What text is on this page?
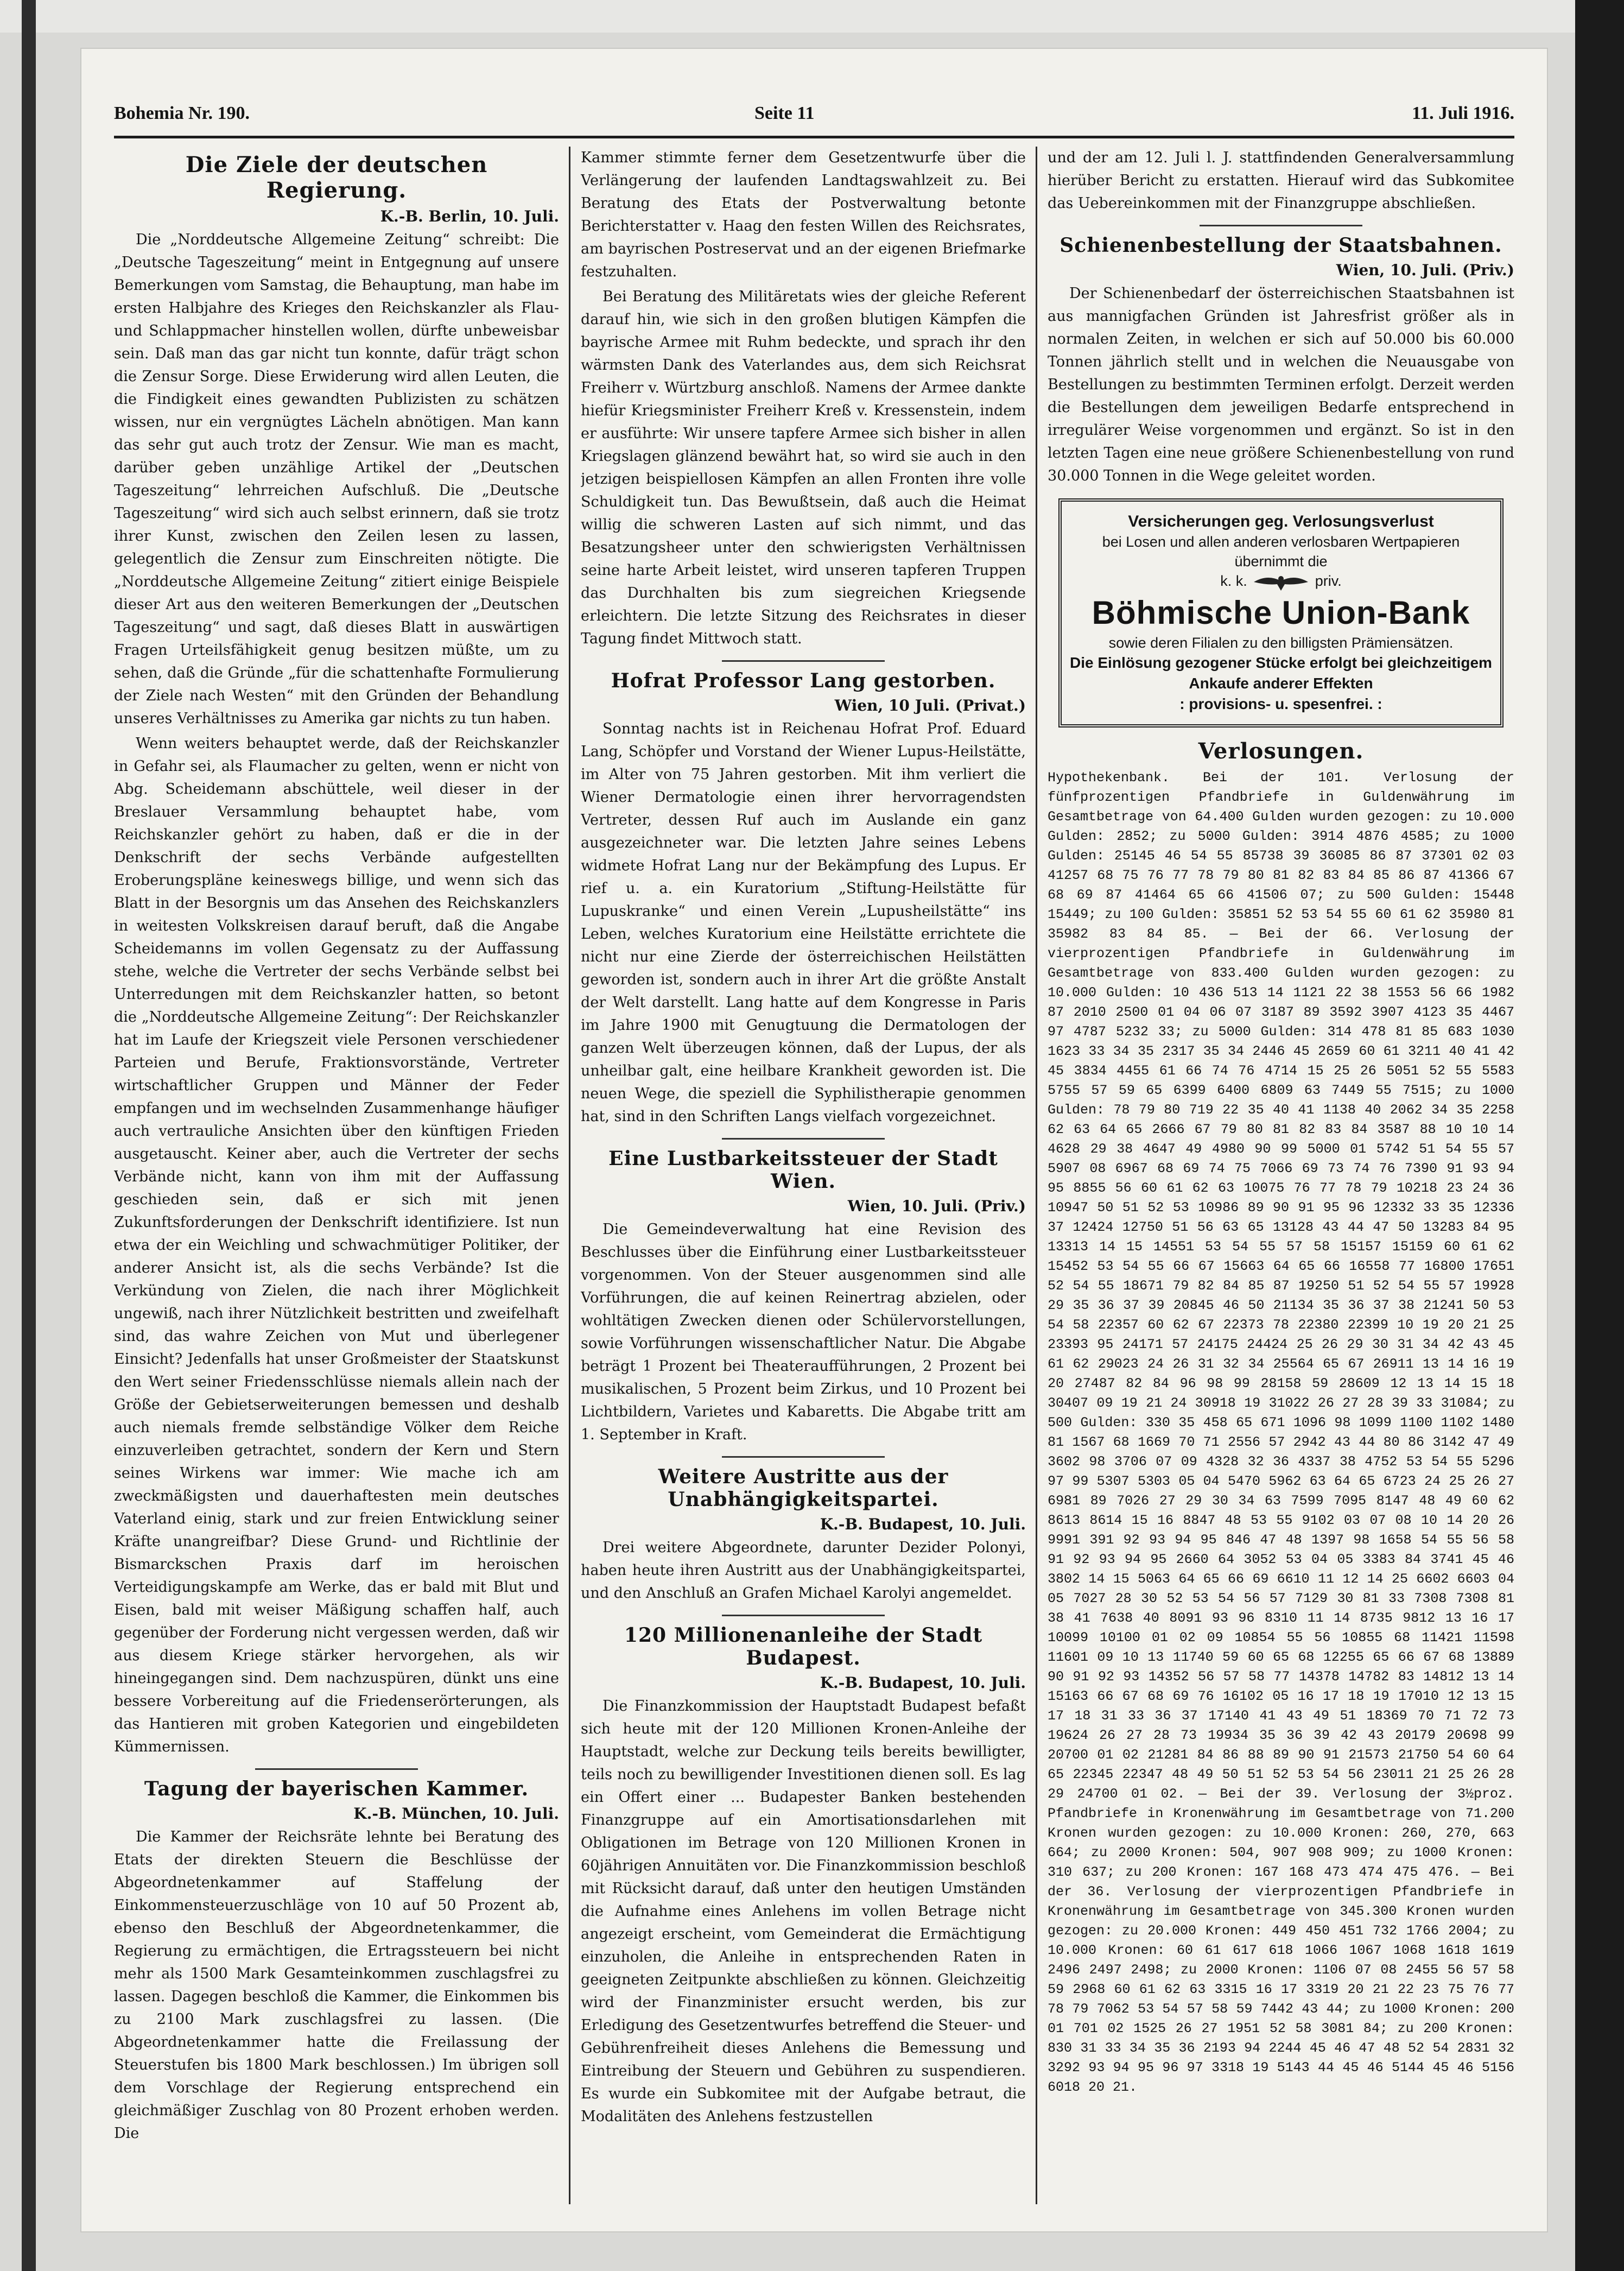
Bohemia Nr. 190.	Seite 11	11. Juli 1916.
Die Ziele der deutschen Regierung.
K.-B. Berlin, 10. Juli.

Die „Norddeutsche Allgemeine Zeitung“ schreibt: Die „Deutsche Tageszeitung“ meint in Entgegnung auf unsere Bemerkungen vom Samstag, die Behauptung, man habe im ersten Halbjahre des Krieges den Reichskanzler als Flau- und Schlappmacher hinstellen wollen, dürfte unbeweisbar sein. Daß man das gar nicht tun konnte, dafür trägt schon die Zensur Sorge. Diese Erwiderung wird allen Leuten, die die Findigkeit eines gewandten Publizisten zu schätzen wissen, nur ein vergnügtes Lächeln abnötigen. Man kann das sehr gut auch trotz der Zensur. Wie man es macht, darüber geben unzählige Artikel der „Deutschen Tageszeitung“ lehrreichen Aufschluß. Die „Deutsche Tageszeitung“ wird sich auch selbst erinnern, daß sie trotz ihrer Kunst, zwischen den Zeilen lesen zu lassen, gelegentlich die Zensur zum Einschreiten nötigte. Die „Norddeutsche Allgemeine Zeitung“ zitiert einige Beispiele dieser Art aus den weiteren Bemerkungen der „Deutschen Tageszeitung“ und sagt, daß dieses Blatt in auswärtigen Fragen Urteilsfähigkeit genug besitzen müßte, um zu sehen, daß die Gründe „für die schattenhafte Formulierung der Ziele nach Westen“ mit den Gründen der Behandlung unseres Verhältnisses zu Amerika gar nichts zu tun haben.

Wenn weiters behauptet werde, daß der Reichskanzler in Gefahr sei, als Flaumacher zu gelten, wenn er nicht von Abg. Scheidemann abschüttele, weil dieser in der Breslauer Versammlung behauptet habe, vom Reichskanzler gehört zu haben, daß er die in der Denkschrift der sechs Verbände aufgestellten Eroberungspläne keineswegs billige, und wenn sich das Blatt in der Besorgnis um das Ansehen des Reichskanzlers in weitesten Volkskreisen darauf beruft, daß die Angabe Scheidemanns im vollen Gegensatz zu der Auffassung stehe, welche die Vertreter der sechs Verbände selbst bei Unterredungen mit dem Reichskanzler hatten, so betont die „Norddeutsche Allgemeine Zeitung“: Der Reichskanzler hat im Laufe der Kriegszeit viele Personen verschiedener Parteien und Berufe, Fraktionsvorstände, Vertreter wirtschaftlicher Gruppen und Männer der Feder empfangen und im wechselnden Zusammenhange häufiger auch vertrauliche Ansichten über den künftigen Frieden ausgetauscht. Keiner aber, auch die Vertreter der sechs Verbände nicht, kann von ihm mit der Auffassung geschieden sein, daß er sich mit jenen Zukunftsforderungen der Denkschrift identifiziere. Ist nun etwa der ein Weichling und schwachmütiger Politiker, der anderer Ansicht ist, als die sechs Verbände? Ist die Verkündung von Zielen, die nach ihrer Möglichkeit ungewiß, nach ihrer Nützlichkeit bestritten und zweifelhaft sind, das wahre Zeichen von Mut und überlegener Einsicht? Jedenfalls hat unser Großmeister der Staatskunst den Wert seiner Friedensschlüsse niemals allein nach der Größe der Gebietserweiterungen bemessen und deshalb auch niemals fremde selbständige Völker dem Reiche einzuverleiben getrachtet, sondern der Kern und Stern seines Wirkens war immer: Wie mache ich am zweckmäßigsten und dauerhaftesten mein deutsches Vaterland einig, stark und zur freien Entwicklung seiner Kräfte unangreifbar? Diese Grund- und Richtlinie der Bismarckschen Praxis darf im heroischen Verteidigungskampfe am Werke, das er bald mit Blut und Eisen, bald mit weiser Mäßigung schaffen half, auch gegenüber der Forderung nicht vergessen werden, daß wir aus diesem Kriege stärker hervorgehen, als wir hineingegangen sind. Dem nachzuspüren, dünkt uns eine bessere Vorbereitung auf die Friedenserörterungen, als das Hantieren mit groben Kategorien und eingebildeten Kümmernissen.

Tagung der bayerischen Kammer.
K.-B. München, 10. Juli.

Die Kammer der Reichsräte lehnte bei Beratung des Etats der direkten Steuern die Beschlüsse der Abgeordnetenkammer auf Staffelung der Einkommensteuerzuschläge von 10 auf 50 Prozent ab, ebenso den Beschluß der Abgeordnetenkammer, die Regierung zu ermächtigen, die Ertragssteuern bei nicht mehr als 1500 Mark Gesamteinkommen zuschlagsfrei zu lassen. Dagegen beschloß die Kammer, die Einkommen bis zu 2100 Mark zuschlagsfrei zu lassen. (Die Abgeordnetenkammer hatte die Freilassung der Steuerstufen bis 1800 Mark beschlossen.) Im übrigen soll dem Vorschlage der Regierung entsprechend ein gleichmäßiger Zuschlag von 80 Prozent erhoben werden. Die

Kammer stimmte ferner dem Gesetzentwurfe über die Verlängerung der laufenden Landtagswahlzeit zu. Bei Beratung des Etats der Postverwaltung betonte Berichterstatter v. Haag den festen Willen des Reichsrates, am bayrischen Postreservat und an der eigenen Briefmarke festzuhalten.

Bei Beratung des Militäretats wies der gleiche Referent darauf hin, wie sich in den großen blutigen Kämpfen die bayrische Armee mit Ruhm bedeckte, und sprach ihr den wärmsten Dank des Vaterlandes aus, dem sich Reichsrat Freiherr v. Würtzburg anschloß. Namens der Armee dankte hiefür Kriegsminister Freiherr Kreß v. Kressenstein, indem er ausführte: Wir unsere tapfere Armee sich bisher in allen Kriegslagen glänzend bewährt hat, so wird sie auch in den jetzigen beispiellosen Kämpfen an allen Fronten ihre volle Schuldigkeit tun. Das Bewußtsein, daß auch die Heimat willig die schweren Lasten auf sich nimmt, und das Besatzungsheer unter den schwierigsten Verhältnissen seine harte Arbeit leistet, wird unseren tapferen Truppen das Durchhalten bis zum siegreichen Kriegsende erleichtern. Die letzte Sitzung des Reichsrates in dieser Tagung findet Mittwoch statt.

Hofrat Professor Lang gestorben.
Wien, 10 Juli. (Privat.)

Sonntag nachts ist in Reichenau Hofrat Prof. Eduard Lang, Schöpfer und Vorstand der Wiener Lupus-Heilstätte, im Alter von 75 Jahren gestorben. Mit ihm verliert die Wiener Dermatologie einen ihrer hervorragendsten Vertreter, dessen Ruf auch im Auslande ein ganz ausgezeichneter war. Die letzten Jahre seines Lebens widmete Hofrat Lang nur der Bekämpfung des Lupus. Er rief u. a. ein Kuratorium „Stiftung-Heilstätte für Lupuskranke“ und einen Verein „Lupusheilstätte“ ins Leben, welches Kuratorium eine Heilstätte errichtete die nicht nur eine Zierde der österreichischen Heilstätten geworden ist, sondern auch in ihrer Art die größte Anstalt der Welt darstellt. Lang hatte auf dem Kongresse in Paris im Jahre 1900 mit Genugtuung die Dermatologen der ganzen Welt überzeugen können, daß der Lupus, der als unheilbar galt, eine heilbare Krankheit geworden ist. Die neuen Wege, die speziell die Syphilistherapie genommen hat, sind in den Schriften Langs vielfach vorgezeichnet.

Eine Lustbarkeitssteuer der Stadt Wien.
Wien, 10. Juli. (Priv.)

Die Gemeindeverwaltung hat eine Revision des Beschlusses über die Einführung einer Lustbarkeitssteuer vorgenommen. Von der Steuer ausgenommen sind alle Vorführungen, die auf keinen Reinertrag abzielen, oder wohltätigen Zwecken dienen oder Schülervorstellungen, sowie Vorführungen wissenschaftlicher Natur. Die Abgabe beträgt 1 Prozent bei Theateraufführungen, 2 Prozent bei musikalischen, 5 Prozent beim Zirkus, und 10 Prozent bei Lichtbildern, Varietes und Kabaretts. Die Abgabe tritt am 1. September in Kraft.

Weitere Austritte aus der Unabhängigkeitspartei.
K.-B. Budapest, 10. Juli.

Drei weitere Abgeordnete, darunter Dezider Polonyi, haben heute ihren Austritt aus der Unabhängigkeitspartei, und den Anschluß an Grafen Michael Karolyi angemeldet.

120 Millionenanleihe der Stadt Budapest.
K.-B. Budapest, 10. Juli.

Die Finanzkommission der Hauptstadt Budapest befaßt sich heute mit der 120 Millionen Kronen-Anleihe der Hauptstadt, welche zur Deckung teils bereits bewilligter, teils noch zu bewilligender Investitionen dienen soll. Es lag ein Offert einer ... Budapester Banken bestehenden Finanzgruppe auf ein Amortisationsdarlehen mit Obligationen im Betrage von 120 Millionen Kronen in 60jährigen Annuitäten vor. Die Finanzkommission beschloß mit Rücksicht darauf, daß unter den heutigen Umständen die Aufnahme eines Anlehens im vollen Betrage nicht angezeigt erscheint, vom Gemeinderat die Ermächtigung einzuholen, die Anleihe in entsprechenden Raten in geeigneten Zeitpunkte abschließen zu können. Gleichzeitig wird der Finanzminister ersucht werden, bis zur Erledigung des Gesetzentwurfes betreffend die Steuer- und Gebührenfreiheit dieses Anlehens die Bemessung und Eintreibung der Steuern und Gebühren zu suspendieren. Es wurde ein Subkomitee mit der Aufgabe betraut, die Modalitäten des Anlehens festzustellen

und der am 12. Juli l. J. stattfindenden Generalversammlung hierüber Bericht zu erstatten. Hierauf wird das Subkomitee das Uebereinkommen mit der Finanzgruppe abschließen.

Schienenbestellung der Staatsbahnen.
Wien, 10. Juli. (Priv.)

Der Schienenbedarf der österreichischen Staatsbahnen ist aus mannigfachen Gründen ist Jahresfrist größer als in normalen Zeiten, in welchen er sich auf 50.000 bis 60.000 Tonnen jährlich stellt und in welchen die Neuausgabe von Bestellungen zu bestimmten Terminen erfolgt. Derzeit werden die Bestellungen dem jeweiligen Bedarfe entsprechend in irregulärer Weise vorgenommen und ergänzt. So ist in den letzten Tagen eine neue größere Schienenbestellung von rund 30.000 Tonnen in die Wege geleitet worden.

Versicherungen geg. Verlosungsverlust
bei Losen und allen anderen verlosbaren Wertpapieren übernimmt die
k. k.	priv.
Böhmische Union-Bank
sowie deren Filialen zu den billigsten Prämiensätzen.
Die Einlösung gezogener Stücke erfolgt bei gleichzeitigem Ankaufe anderer Effekten
: provisions- u. spesenfrei. :
Verlosungen.

Hypothekenbank. Bei der 101. Verlosung der fünfprozentigen Pfandbriefe in Guldenwährung im Gesamtbetrage von 64.400 Gulden wurden gezogen: zu 10.000 Gulden: 2852; zu 5000 Gulden: 3914 4876 4585; zu 1000 Gulden: 25145 46 54 55 85738 39 36085 86 87 37301 02 03 41257 68 75 76 77 78 79 80 81 82 83 84 85 86 87 41366 67 68 69 87 41464 65 66 41506 07; zu 500 Gulden: 15448 15449; zu 100 Gulden: 35851 52 53 54 55 60 61 62 35980 81 35982 83 84 85. — Bei der 66. Verlosung der vierprozentigen Pfandbriefe in Guldenwährung im Gesamtbetrage von 833.400 Gulden wurden gezogen: zu 10.000 Gulden: 10 436 513 14 1121 22 38 1553 56 66 1982 87 2010 2500 01 04 06 07 3187 89 3592 3907 4123 35 4467 97 4787 5232 33; zu 5000 Gulden: 314 478 81 85 683 1030 1623 33 34 35 2317 35 34 2446 45 2659 60 61 3211 40 41 42 45 3834 4455 61 66 74 76 4714 15 25 26 5051 52 55 5583 5755 57 59 65 6399 6400 6809 63 7449 55 7515; zu 1000 Gulden: 78 79 80 719 22 35 40 41 1138 40 2062 34 35 2258 62 63 64 65 2666 67 79 80 81 82 83 84 3587 88 10 10 14 4628 29 38 4647 49 4980 90 99 5000 01 5742 51 54 55 57 5907 08 6967 68 69 74 75 7066 69 73 74 76 7390 91 93 94 95 8855 56 60 61 62 63 10075 76 77 78 79 10218 23 24 36 10947 50 51 52 53 10986 89 90 91 95 96 12332 33 35 12336 37 12424 12750 51 56 63 65 13128 43 44 47 50 13283 84 95 13313 14 15 14551 53 54 55 57 58 15157 15159 60 61 62 15452 53 54 55 66 67 15663 64 65 66 16558 77 16800 17651 52 54 55 18671 79 82 84 85 87 19250 51 52 54 55 57 19928 29 35 36 37 39 20845 46 50 21134 35 36 37 38 21241 50 53 54 58 22357 60 62 67 22373 78 22380 22399 10 19 20 21 25 23393 95 24171 57 24175 24424 25 26 29 30 31 34 42 43 45 61 62 29023 24 26 31 32 34 25564 65 67 26911 13 14 16 19 20 27487 82 84 96 98 99 28158 59 28609 12 13 14 15 18 30407 09 19 21 24 30918 19 31022 26 27 28 39 33 31084; zu 500 Gulden: 330 35 458 65 671 1096 98 1099 1100 1102 1480 81 1567 68 1669 70 71 2556 57 2942 43 44 80 86 3142 47 49 3602 98 3706 07 09 4328 32 36 4337 38 4752 53 54 55 5296 97 99 5307 5303 05 04 5470 5962 63 64 65 6723 24 25 26 27 6981 89 7026 27 29 30 34 63 7599 7095 8147 48 49 60 62 8613 8614 15 16 8847 48 53 55 9102 03 07 08 10 14 20 26 9991 391 92 93 94 95 846 47 48 1397 98 1658 54 55 56 58 91 92 93 94 95 2660 64 3052 53 04 05 3383 84 3741 45 46 3802 14 15 5063 64 65 66 69 6610 11 12 14 25 6602 6603 04 05 7027 28 30 52 53 54 56 57 7129 30 81 33 7308 7308 81 38 41 7638 40 8091 93 96 8310 11 14 8735 9812 13 16 17 10099 10100 01 02 09 10854 55 56 10855 68 11421 11598 11601 09 10 13 11740 59 60 65 68 12255 65 66 67 68 13889 90 91 92 93 14352 56 57 58 77 14378 14782 83 14812 13 14 15163 66 67 68 69 76 16102 05 16 17 18 19 17010 12 13 15 17 18 31 33 36 37 17140 41 43 49 51 18369 70 71 72 73 19624 26 27 28 73 19934 35 36 39 42 43 20179 20698 99 20700 01 02 21281 84 86 88 89 90 91 21573 21750 54 60 64 65 22345 22347 48 49 50 51 52 53 54 56 23011 21 25 26 28 29 24700 01 02. — Bei der 39. Verlosung der 3½proz. Pfandbriefe in Kronenwährung im Gesamtbetrage von 71.200 Kronen wurden gezogen: zu 10.000 Kronen: 260, 270, 663 664; zu 2000 Kronen: 504, 907 908 909; zu 1000 Kronen: 310 637; zu 200 Kronen: 167 168 473 474 475 476. — Bei der 36. Verlosung der vierprozentigen Pfandbriefe in Kronenwährung im Gesamtbetrage von 345.300 Kronen wurden gezogen: zu 20.000 Kronen: 449 450 451 732 1766 2004; zu 10.000 Kronen: 60 61 617 618 1066 1067 1068 1618 1619 2496 2497 2498; zu 2000 Kronen: 1106 07 08 2455 56 57 58 59 2968 60 61 62 63 3315 16 17 3319 20 21 22 23 75 76 77 78 79 7062 53 54 57 58 59 7442 43 44; zu 1000 Kronen: 200 01 701 02 1525 26 27 1951 52 58 3081 84; zu 200 Kronen: 830 31 33 34 35 36 2193 94 2244 45 46 47 48 52 54 2831 32 3292 93 94 95 96 97 3318 19 5143 44 45 46 5144 45 46 5156 6018 20 21.
